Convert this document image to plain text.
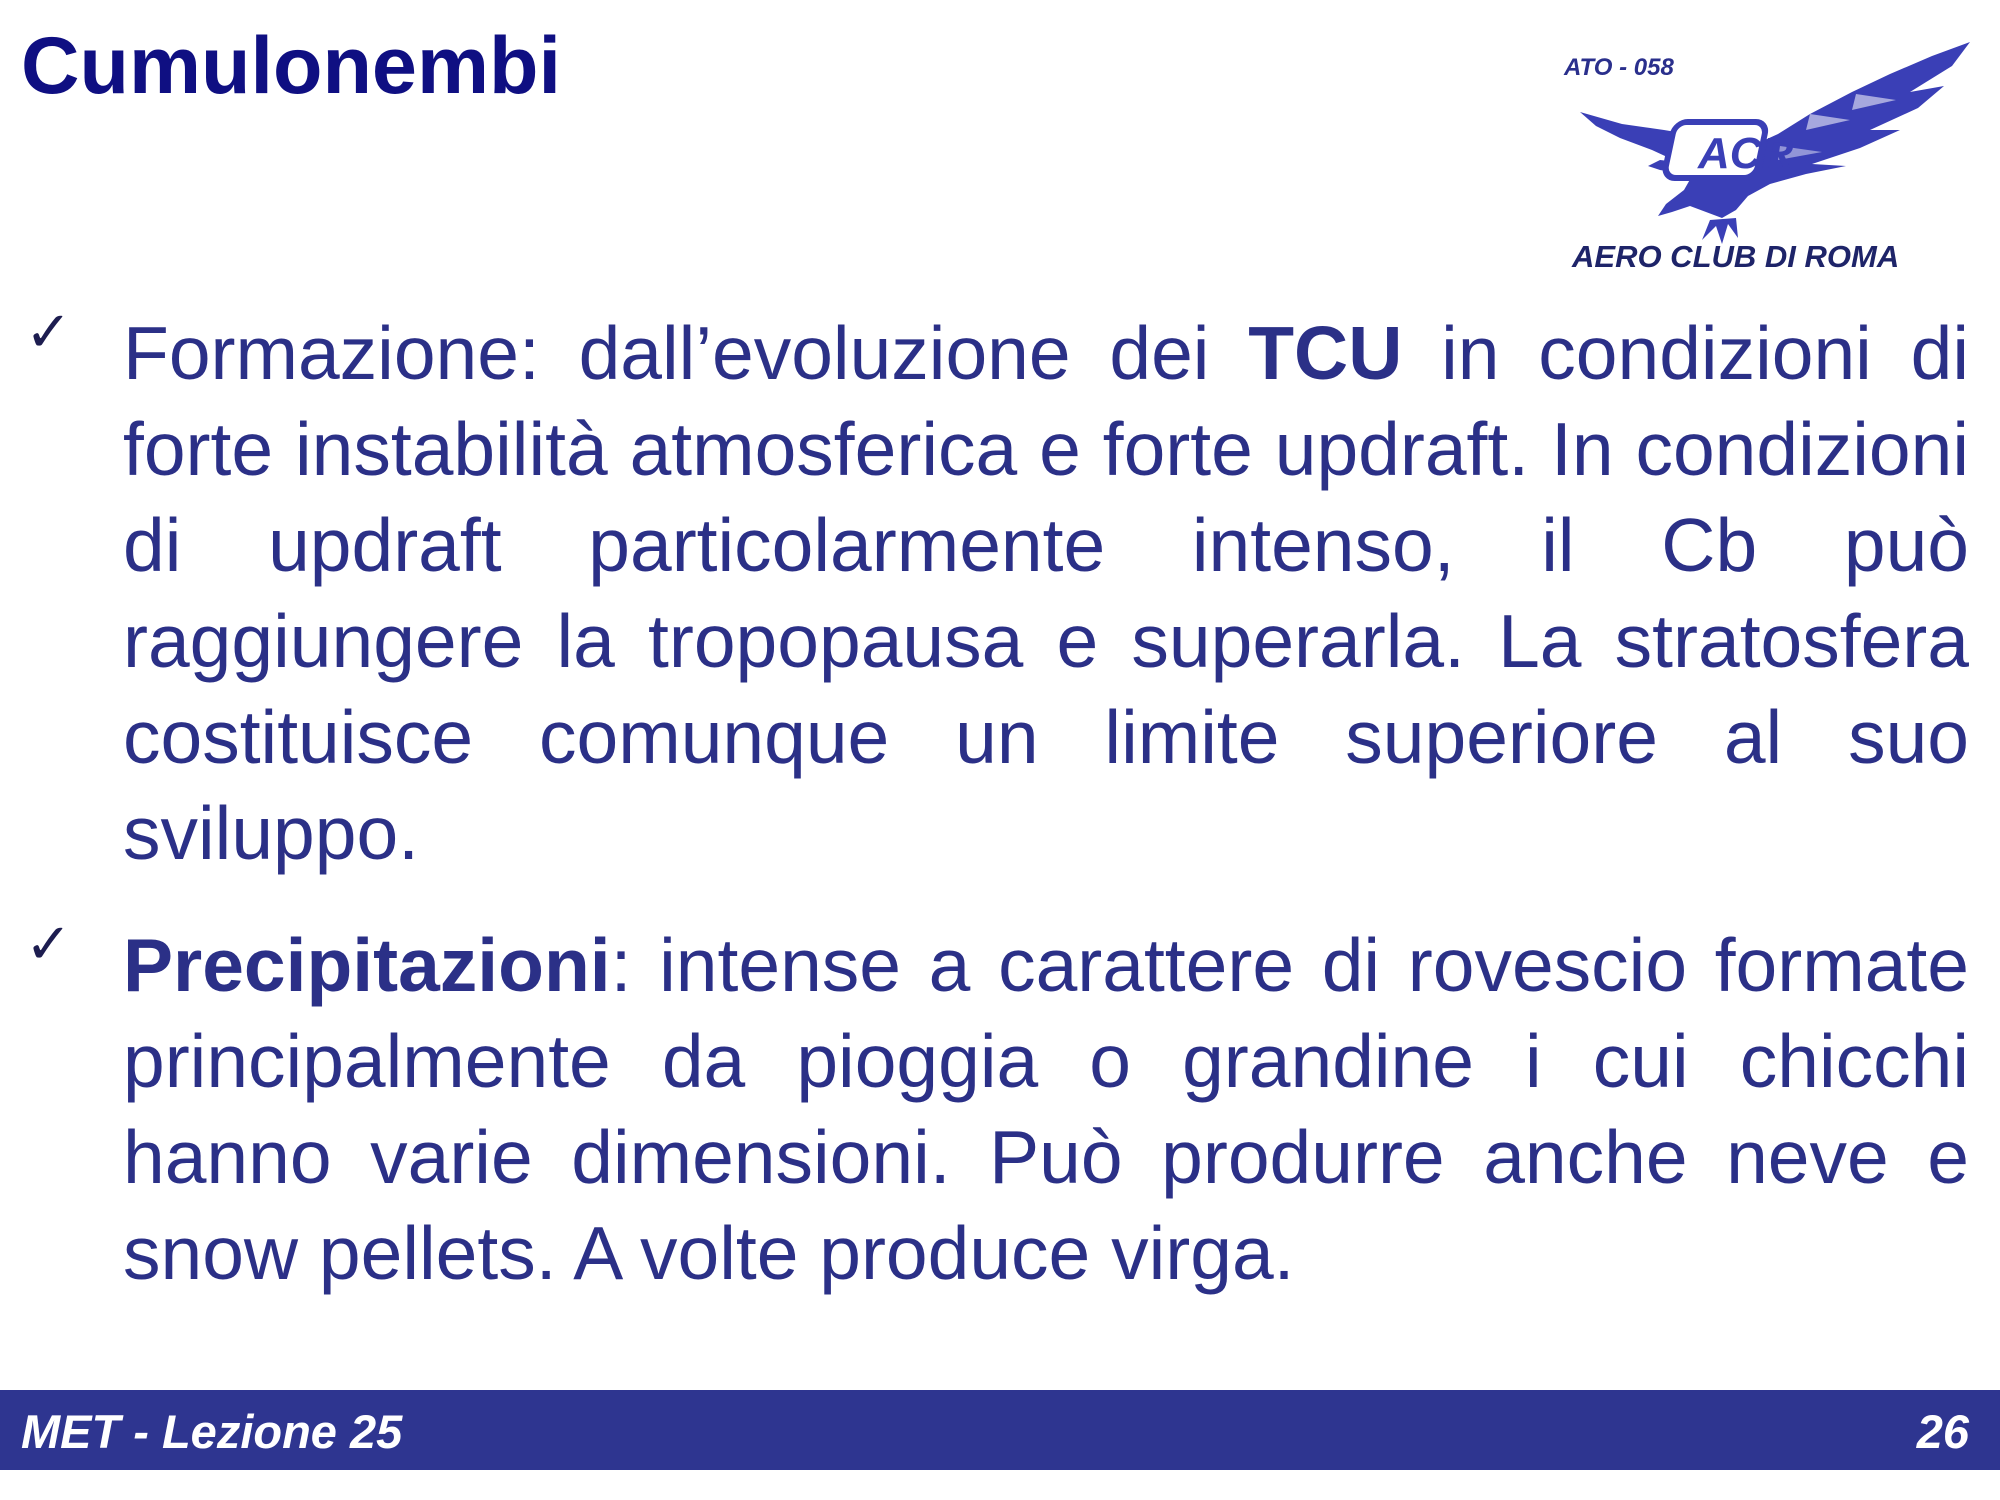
Cumulonembi	ATO - 058
ACR
AERO CLUB DI ROMA
✓ Formazione: dall’evoluzione dei TCU in condizioni di forte instabilità atmosferica e forte updraft. In condizioni di updraft particolarmente intenso, il Cb può raggiungere la tropopausa e superarla. La stratosfera costituisce comunque un limite superiore al suo sviluppo.
✓ Precipitazioni: intense a carattere di rovescio formate principalmente da pioggia o grandine i cui chicchi hanno varie dimensioni. Può produrre anche neve e snow pellets. A volte produce virga.
MET - Lezione 25	26
